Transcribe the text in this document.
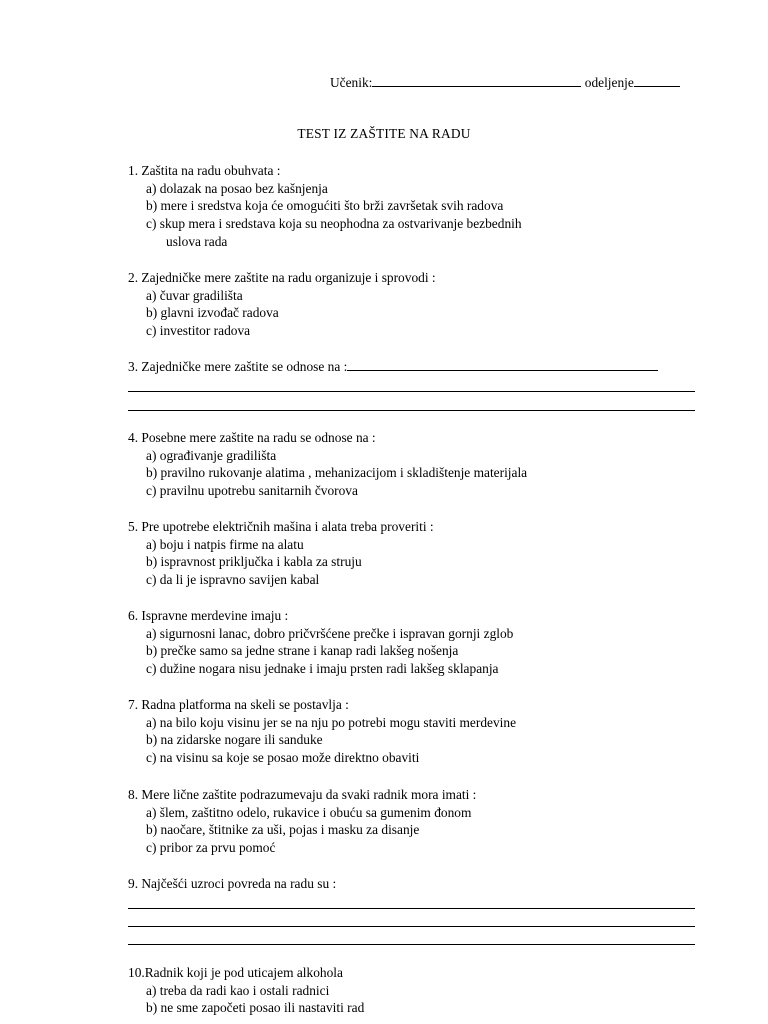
Učenik:	odeljenje
TEST IZ ZAŠTITE NA RADU
1. Zaštita na radu obuhvata :
a) dolazak na posao bez kašnjenja
b) mere i sredstva koja će omogućiti što brži završetak svih radova
c) skup mera i sredstava koja su neophodna za ostvarivanje bezbednih
uslova rada
2. Zajedničke mere zaštite na radu organizuje i sprovodi :
a) čuvar gradilišta
b) glavni izvođač radova
c) investitor radova
3. Zajedničke mere zaštite se odnose na :
4. Posebne mere zaštite na radu se odnose na :
a) ograđivanje gradilišta
b) pravilno rukovanje alatima , mehanizacijom i skladištenje materijala
c) pravilnu upotrebu sanitarnih čvorova
5. Pre upotrebe električnih mašina i alata treba proveriti :
a) boju i natpis firme na alatu
b) ispravnost priključka i kabla za struju
c) da li je ispravno savijen kabal
6. Ispravne merdevine imaju :
a) sigurnosni lanac, dobro pričvršćene prečke i ispravan gornji zglob
b) prečke samo sa jedne strane i kanap radi lakšeg nošenja
c) dužine nogara nisu jednake i imaju prsten radi lakšeg sklapanja
7. Radna platforma na skeli se postavlja :
a) na bilo koju visinu jer se na nju po potrebi mogu staviti merdevine
b) na zidarske nogare ili sanduke
c) na visinu sa koje se posao može direktno obaviti
8. Mere lične zaštite podrazumevaju da svaki radnik mora imati :
a) šlem, zaštitno odelo, rukavice i obuću sa gumenim đonom
b) naočare, štitnike za uši, pojas i masku za disanje
c) pribor za prvu pomoć
9. Najčešći uzroci povreda na radu su :
10.Radnik koji je pod uticajem alkohola
a) treba da radi kao i ostali radnici
b) ne sme započeti posao ili nastaviti rad
